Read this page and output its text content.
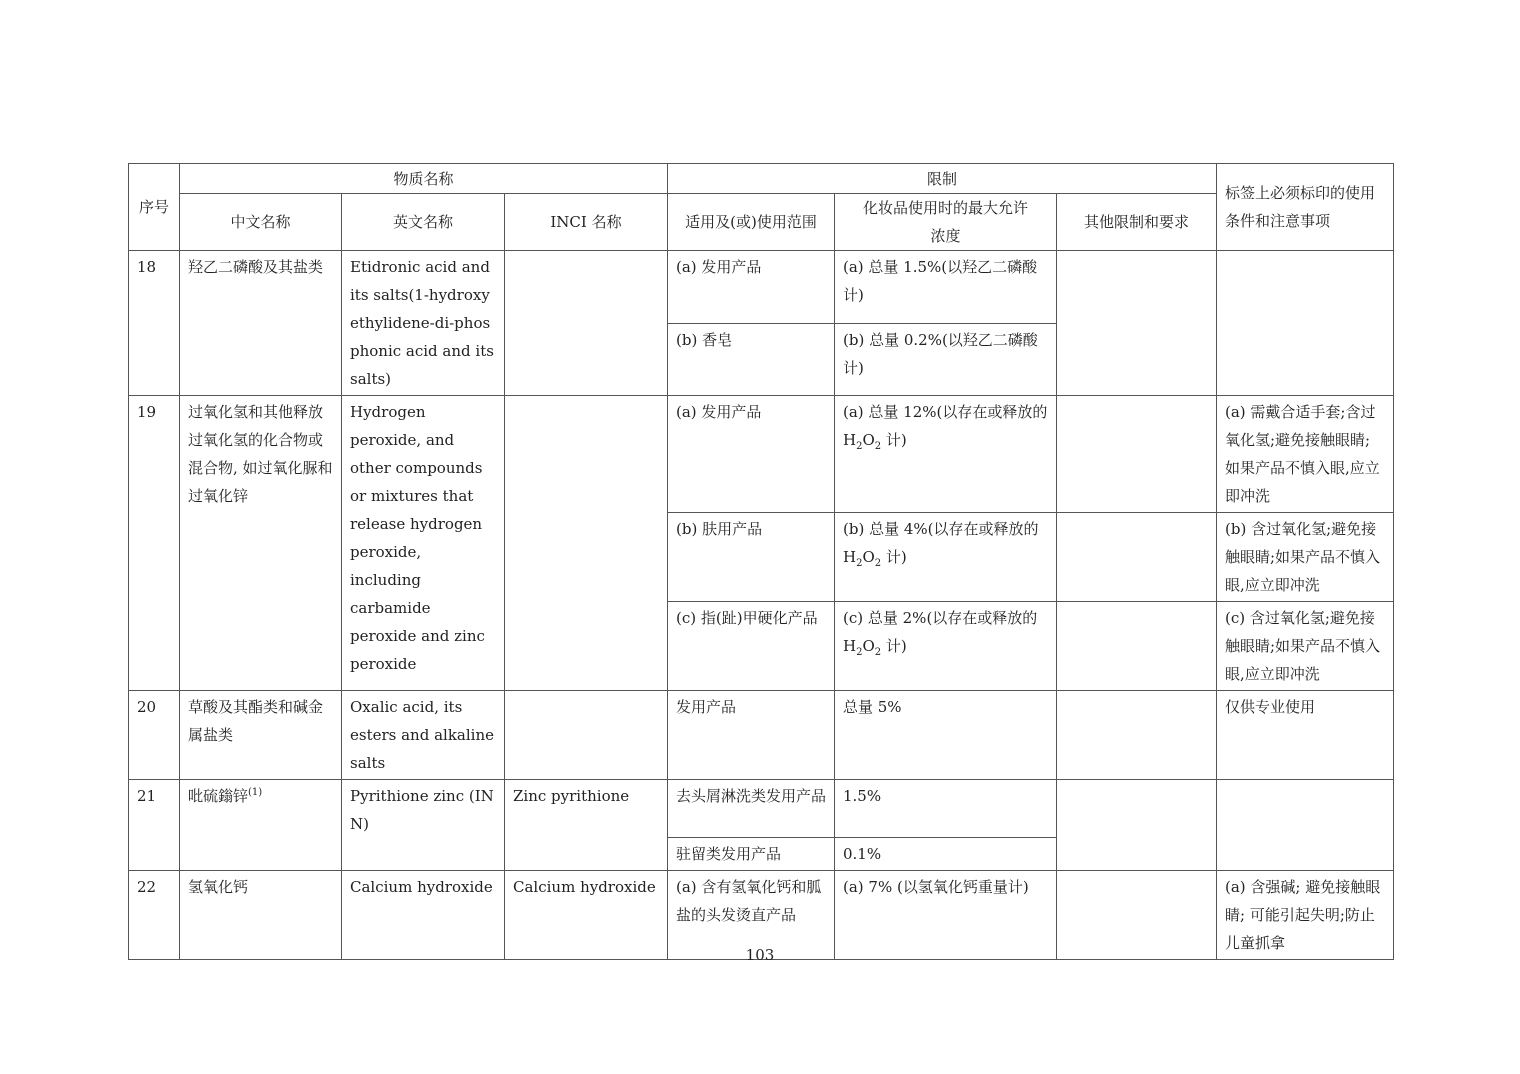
序号	物质名称			限制			标签上必须标印的使用条件和注意事项
	中文名称	英文名称	INCI 名称	适用及(或)使用范围	化妆品使用时的最大允许浓度	其他限制和要求	
18	羟乙二磷酸及其盐类	Etidronic acid and its salts(1-hydroxyethylidene-di-phosphonic acid and its salts)		(a) 发用产品	(a) 总量 1.5%(以羟乙二磷酸计)		
				(b) 香皂	(b) 总量 0.2%(以羟乙二磷酸计)		
19	过氧化氢和其他释放过氧化氢的化合物或混合物, 如过氧化脲和过氧化锌	Hydrogen peroxide, and other compounds or mixtures that release hydrogen peroxide, including carbamide peroxide and zinc peroxide		(a) 发用产品	(a) 总量 12%(以存在或释放的 $H_2O_2$ 计)		(a) 需戴合适手套;含过氧化氢;避免接触眼睛; 如果产品不慎入眼,应立即冲洗
				(b) 肤用产品	(b) 总量 4%(以存在或释放的 $H_2O_2$ 计)		(b) 含过氧化氢;避免接触眼睛;如果产品不慎入眼,应立即冲洗
				(c) 指(趾)甲硬化产品	(c) 总量 2%(以存在或释放的 $H_2O_2$ 计)		(c) 含过氧化氢;避免接触眼睛;如果产品不慎入眼,应立即冲洗
20	草酸及其酯类和碱金属盐类	Oxalic acid, its esters and alkaline salts		发用产品	总量 5%		仅供专业使用
21	吡硫鎓锌$^{(1)}$	Pyrithione zinc (INN)	Zinc pyrithione	去头屑淋洗类发用产品	1.5%		
				驻留类发用产品	0.1%		
22	氢氧化钙	Calcium hydroxide	Calcium hydroxide	(a) 含有氢氧化钙和胍盐的头发烫直产品	(a) 7% (以氢氧化钙重量计)		(a) 含强碱; 避免接触眼睛; 可能引起失明;防止儿童抓拿
103
